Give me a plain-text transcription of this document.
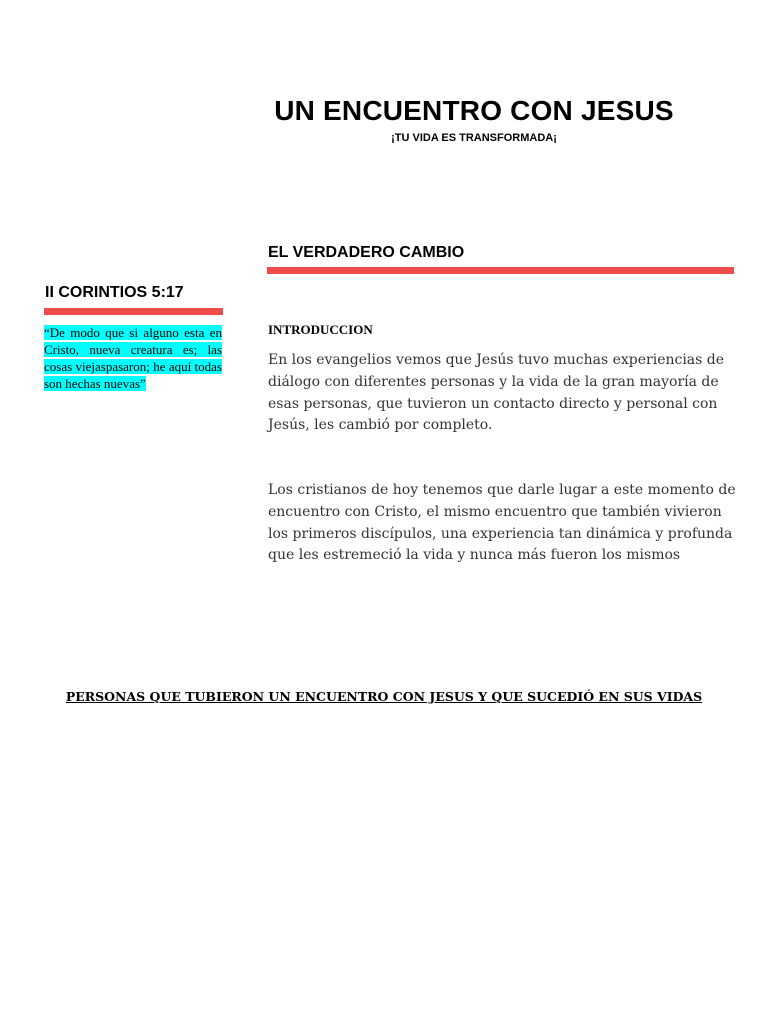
UN ENCUENTRO CON JESUS
¡TU VIDA ES TRANSFORMADA¡
EL VERDADERO CAMBIO
II CORINTIOS 5:17

“De modo que si alguno esta en Cristo, nueva creatura es; las cosas viejaspasaron; he aquí todas son hechas nuevas”

INTRODUCCION

En los evangelios vemos que Jesús tuvo muchas experiencias de diálogo con diferentes personas y la vida de la gran mayoría de esas personas, que tuvieron un contacto directo y personal con Jesús, les cambió por completo.

Los cristianos de hoy tenemos que darle lugar a este momento de encuentro con Cristo, el mismo encuentro que también vivieron los primeros discípulos, una experiencia tan dinámica y profunda que les estremeció la vida y nunca más fueron los mismos

PERSONAS QUE TUBIERON UN ENCUENTRO CON JESUS Y QUE SUCEDIÓ EN SUS VIDAS
